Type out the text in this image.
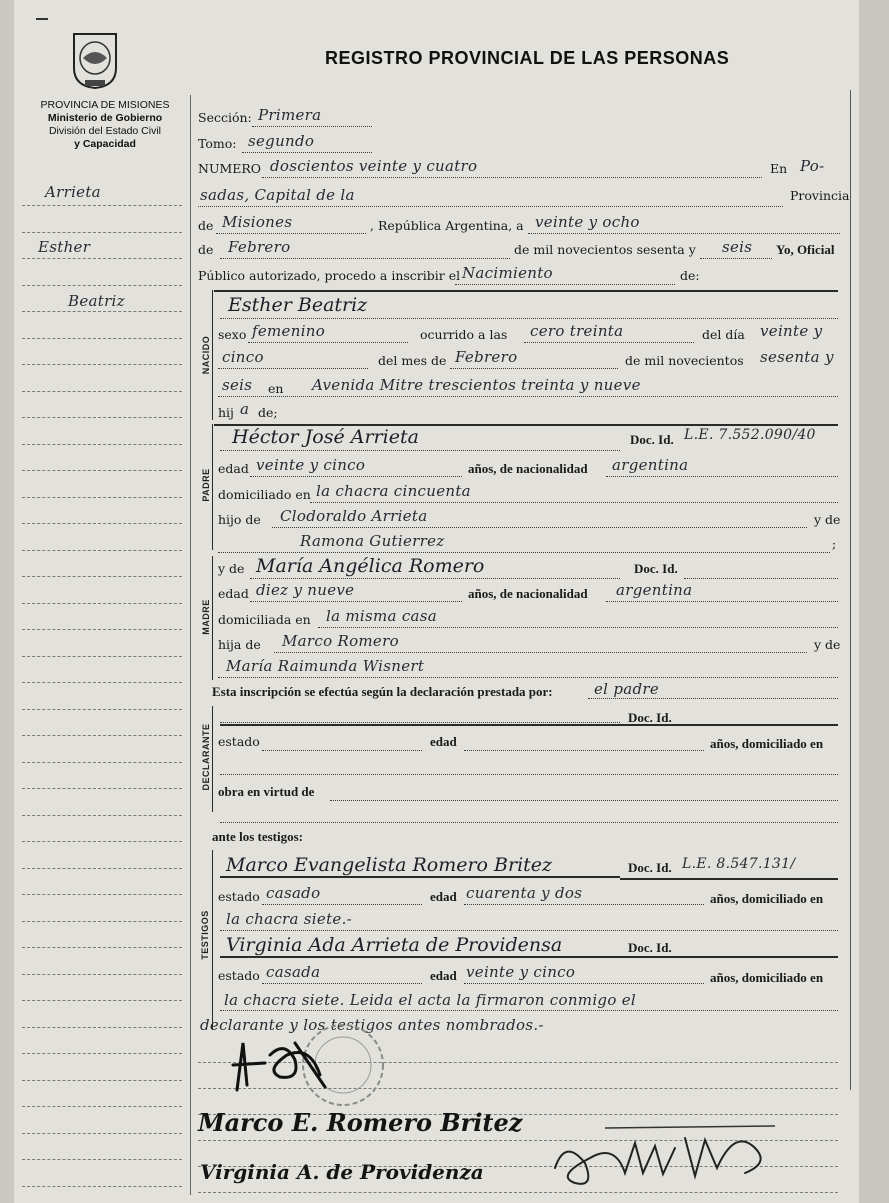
REGISTRO PROVINCIAL DE LAS PERSONAS
PROVINCIA DE MISIONES
Ministerio de Gobierno
División del Estado Civil
y Capacidad
Arrieta
Esther
Beatriz
Sección: Primera
Tomo: segundo
NUMERO doscientos veinte y cuatro	En Po-
sadas, Capital de la	Provincia
de Misiones	, República Argentina, a veinte y ocho
de Febrero	de mil novecientos sesenta y seis Yo, Oficial
Público autorizado, procedo a inscribir el Nacimiento	de:
NACIDO
Esther Beatriz
sexo femenino	ocurrido a las cero treinta	del día veinte y
cinco	del mes de Febrero	de mil novecientos sesenta y
seis en Avenida Mitre trescientos treinta y nueve
hij a de;
PADRE
Héctor José Arrieta	Doc. Id. L.E. 7.552.090/40
edad veinte y cinco	años, de nacionalidad argentina
domiciliado en la chacra cincuenta
hijo de Clodoraldo Arrieta	y de
Ramona Gutierrez	;
MADRE
y de María Angélica Romero	Doc. Id.
edad diez y nueve	años, de nacionalidad argentina
domiciliada en la misma casa
hija de Marco Romero	y de
María Raimunda Wisnert
Esta inscripción se efectúa según la declaración prestada por:	el padre
DECLARANTE
Doc. Id.
estado	edad	años, domiciliado en
obra en virtud de
ante los testigos:
TESTIGOS
Marco Evangelista Romero Britez	Doc. Id. L.E. 8.547.131/
estado casado	edad cuarenta y dos	años, domiciliado en
la chacra siete.-
Virginia Ada Arrieta de Providensa	Doc. Id.
estado casada	edad veinte y cinco	años, domiciliado en
la chacra siete. Leida el acta la firmaron conmigo el
declarante y los testigos antes nombrados.-
Marco E. Romero Britez
Virginia A. de Providenza
